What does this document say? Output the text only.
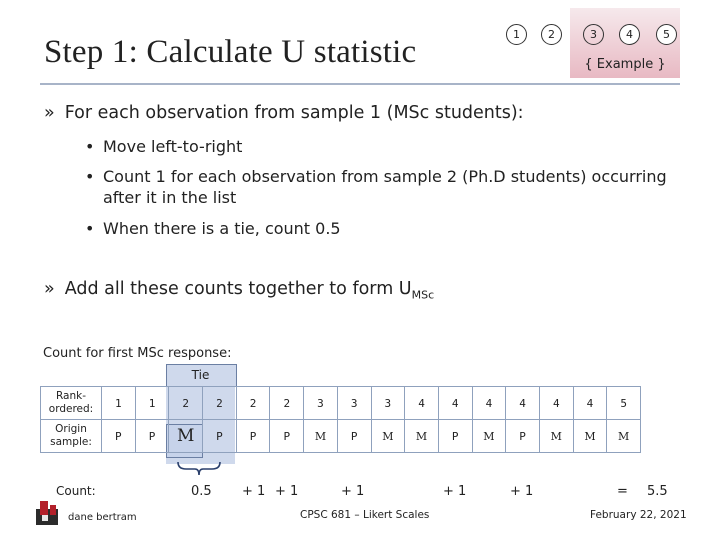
Step 1: Calculate U statistic	1	2	3	4	5
{ Example }
» For each observation from sample 1 (MSc students):
• Move left-to-right
• Count 1 for each observation from sample 2 (Ph.D students) occurring after it in the list
• When there is a tie, count 0.5
» Add all these counts together to form $U_{MSc}$
Count for first MSc response:
Tie
Rank-ordered:	1	1	2	2	2	2	3	3	3	4	4	4	4	4	4	5
Origin sample:	P	P	M	P	P	P	M	P	M	M	P	M	P	M	M	M
Count:	0.5 + 1 + 1	+ 1	+ 1	+ 1	= 5.5
dane bertram	CPSC 681 – Likert Scales	February 22, 2021
